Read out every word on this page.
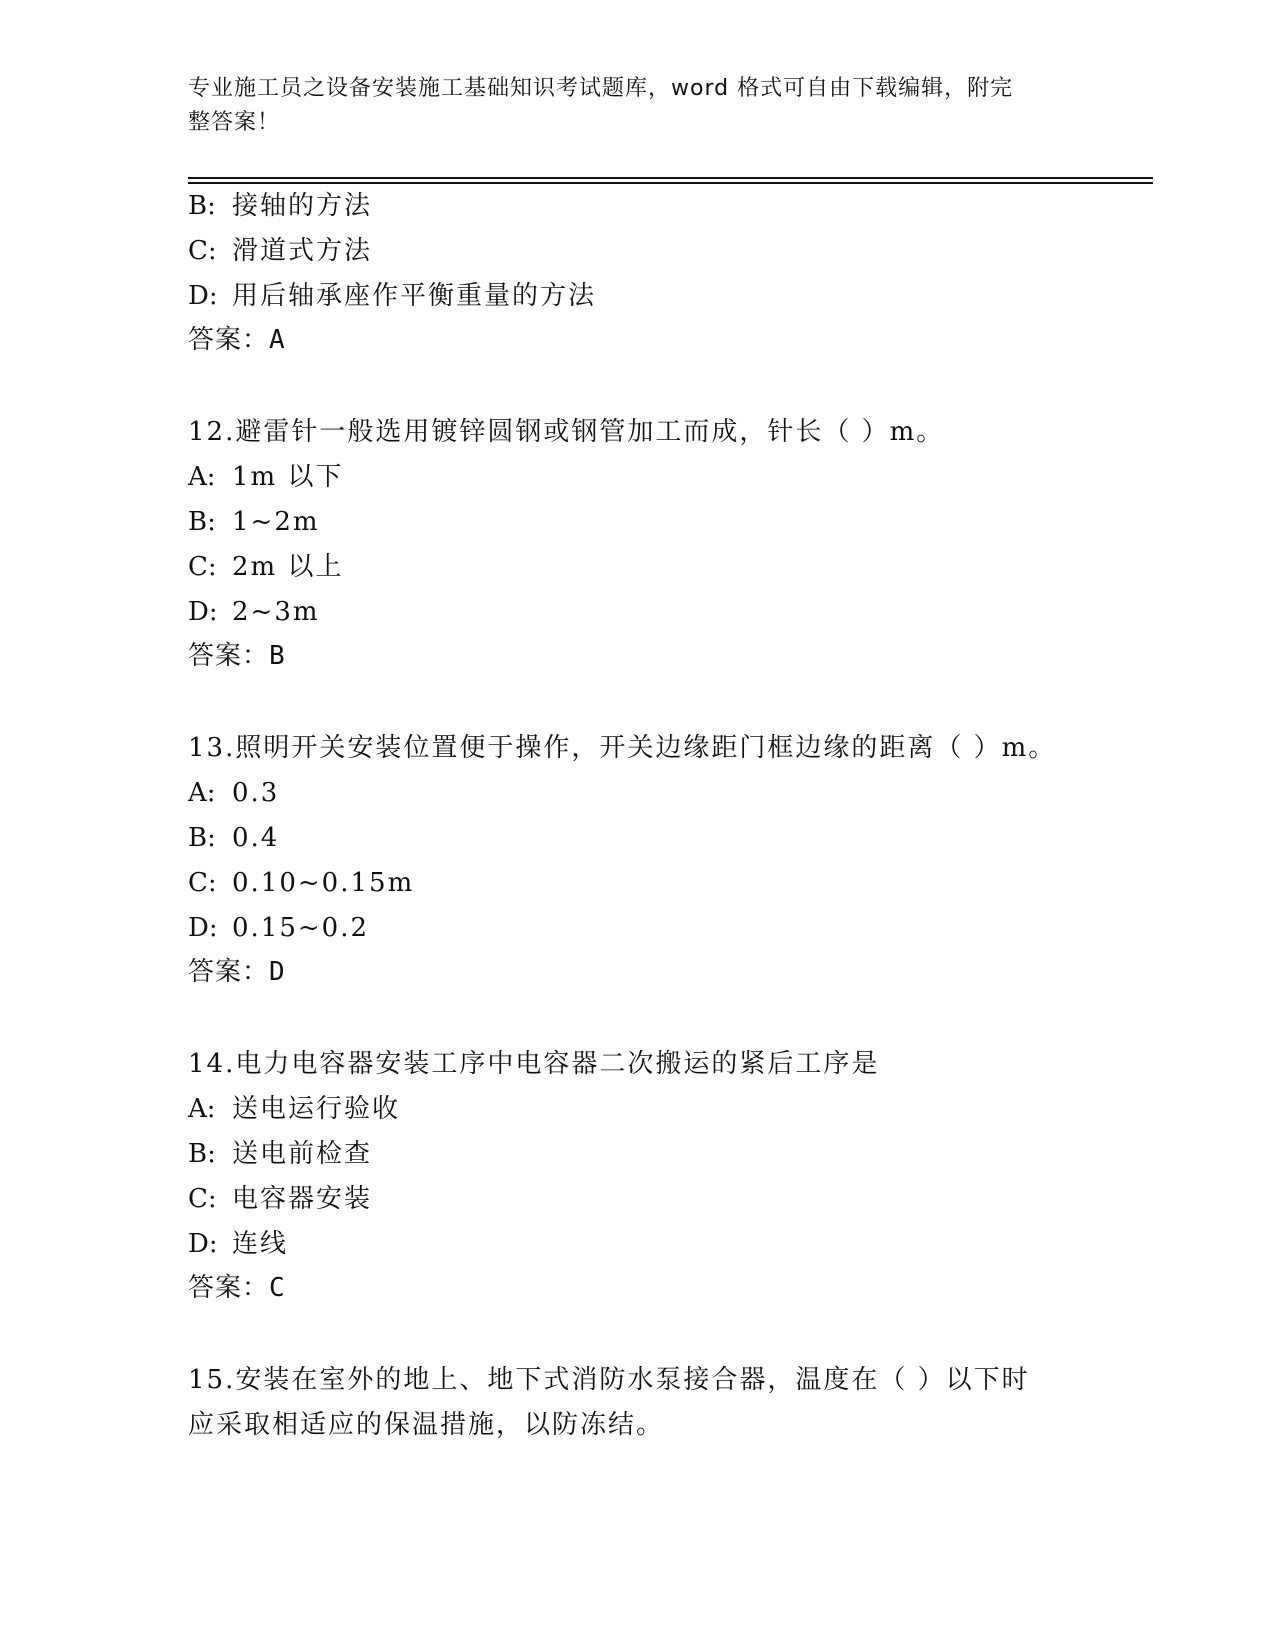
专业施工员之设备安装施工基础知识考试题库，word 格式可自由下载编辑，附完
整答案！
B: 接轴的方法
C: 滑道式方法
D: 用后轴承座作平衡重量的方法
答案：A
12.避雷针一般选用镀锌圆钢或钢管加工而成，针长（ ）m。
A: 1m 以下
B: 1~2m
C: 2m 以上
D: 2~3m
答案：B
13.照明开关安装位置便于操作，开关边缘距门框边缘的距离（ ）m。
A: 0.3
B: 0.4
C: 0.10~0.15m
D: 0.15~0.2
答案：D
14.电力电容器安装工序中电容器二次搬运的紧后工序是
A: 送电运行验收
B: 送电前检查
C: 电容器安装
D: 连线
答案：C
15.安装在室外的地上、地下式消防水泵接合器，温度在（ ）以下时
应采取相适应的保温措施，以防冻结。
